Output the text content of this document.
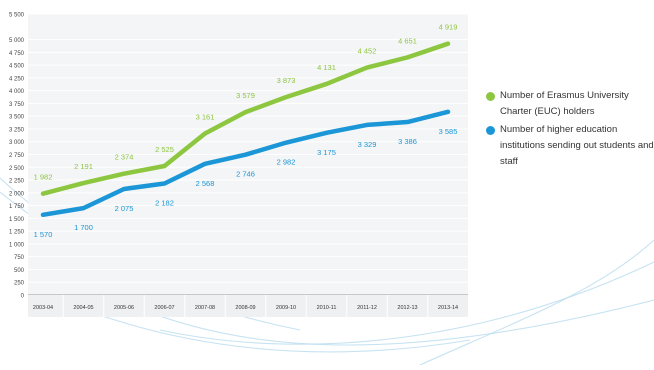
0
250
500
750
1 000
1 250
1 500
1 750
2 000
2 250
2 500
2 750
3 000
3 250
3 500
3 750
4 000
4 250
4 500
4 750
5 000
5 500
2003-04	2004-05	2005-06	2006-07	2007-08	2008-09	2009-10	2010-11	2011-12	2012-13	2013-14
1 982
2 191
2 374
2 525
3 161
3 579
3 873
4 131
4 452
4 651
4 919
1 570
1 700
2 075
2 182
2 568
2 746
2 982
3 175
3 329	3 386
3 585
Number of Erasmus University Charter (EUC) holders
Number of higher education institutions sending out students and staff
